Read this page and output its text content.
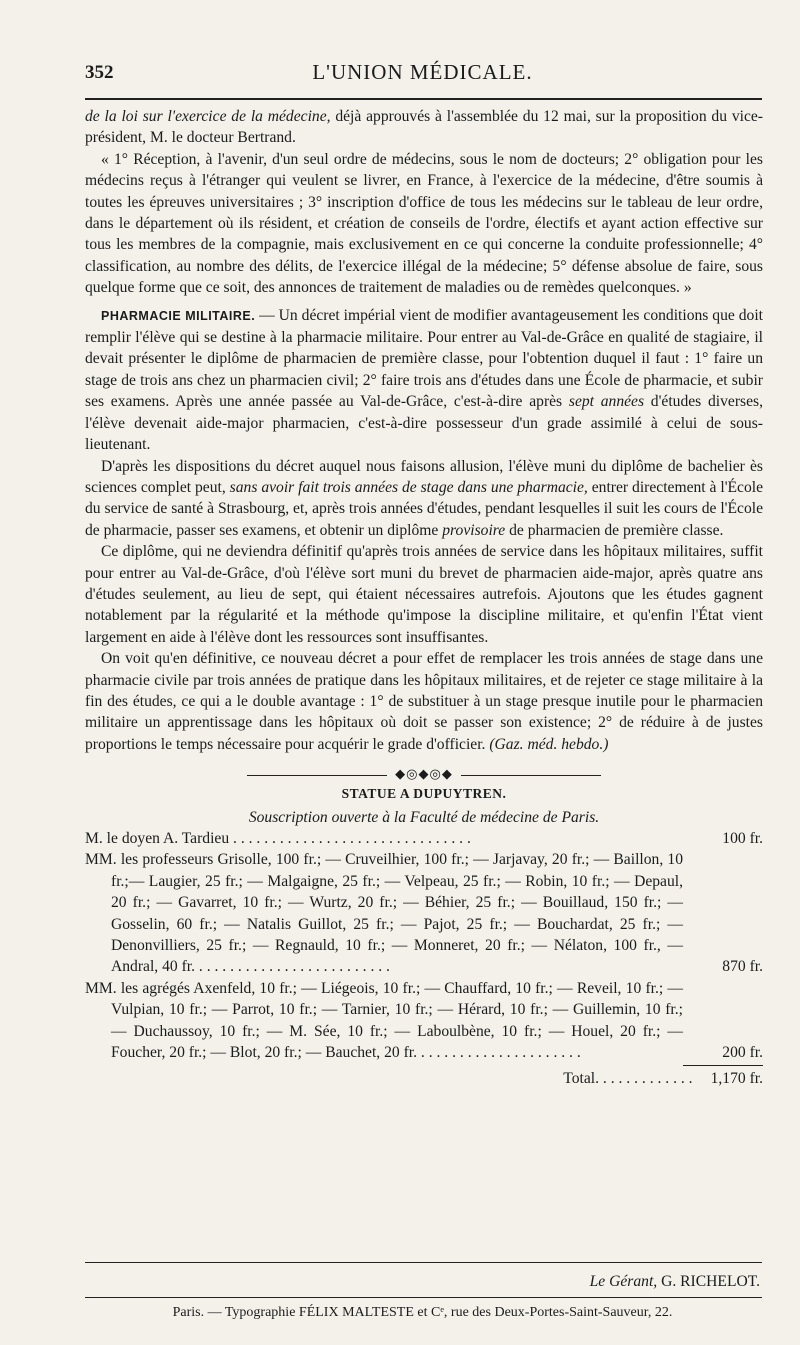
352	L'UNION MÉDICALE.

de la loi sur l'exercice de la médecine, déjà approuvés à l'assemblée du 12 mai, sur la proposition du vice-président, M. le docteur Bertrand.

« 1° Réception, à l'avenir, d'un seul ordre de médecins, sous le nom de docteurs; 2° obligation pour les médecins reçus à l'étranger qui veulent se livrer, en France, à l'exercice de la médecine, d'être soumis à toutes les épreuves universitaires ; 3° inscription d'office de tous les médecins sur le tableau de leur ordre, dans le département où ils résident, et création de conseils de l'ordre, électifs et ayant action effective sur tous les membres de la compagnie, mais exclusivement en ce qui concerne la conduite professionnelle; 4° classification, au nombre des délits, de l'exercice illégal de la médecine; 5° défense absolue de faire, sous quelque forme que ce soit, des annonces de traitement de maladies ou de remèdes quelconques. »

PHARMACIE MILITAIRE. — Un décret impérial vient de modifier avantageusement les conditions que doit remplir l'élève qui se destine à la pharmacie militaire. Pour entrer au Val-de-Grâce en qualité de stagiaire, il devait présenter le diplôme de pharmacien de première classe, pour l'obtention duquel il faut : 1° faire un stage de trois ans chez un pharmacien civil; 2° faire trois ans d'études dans une École de pharmacie, et subir ses examens. Après une année passée au Val-de-Grâce, c'est-à-dire après sept années d'études diverses, l'élève devenait aide-major pharmacien, c'est-à-dire possesseur d'un grade assimilé à celui de sous-lieutenant.

D'après les dispositions du décret auquel nous faisons allusion, l'élève muni du diplôme de bachelier ès sciences complet peut, sans avoir fait trois années de stage dans une pharmacie, entrer directement à l'École du service de santé à Strasbourg, et, après trois années d'études, pendant lesquelles il suit les cours de l'École de pharmacie, passer ses examens, et obtenir un diplôme provisoire de pharmacien de première classe.

Ce diplôme, qui ne deviendra définitif qu'après trois années de service dans les hôpitaux militaires, suffit pour entrer au Val-de-Grâce, d'où l'élève sort muni du brevet de pharmacien aide-major, après quatre ans d'études seulement, au lieu de sept, qui étaient nécessaires autrefois. Ajoutons que les études gagnent notablement par la régularité et la méthode qu'impose la discipline militaire, et qu'enfin l'État vient largement en aide à l'élève dont les ressources sont insuffisantes.

On voit qu'en définitive, ce nouveau décret a pour effet de remplacer les trois années de stage dans une pharmacie civile par trois années de pratique dans les hôpitaux militaires, et de rejeter ce stage militaire à la fin des études, ce qui a le double avantage : 1° de substituer à un stage presque inutile pour le pharmacien militaire un apprentissage dans les hôpitaux où doit se passer son existence; 2° de réduire à de justes proportions le temps nécessaire pour acquérir le grade d'officier. (Gaz. méd. hebdo.)

◆◎◆◎◆
STATUE A DUPUYTREN.
Souscription ouverte à la Faculté de médecine de Paris.
M. le doyen A. Tardieu . . . . . . . . . . . . . . . . . . . . . . . . . . . . . . .	100 fr.
MM. les professeurs Grisolle, 100 fr.; — Cruveilhier, 100 fr.; — Jarjavay, 20 fr.; — Baillon, 10 fr.;— Laugier, 25 fr.; — Malgaigne, 25 fr.; — Velpeau, 25 fr.; — Robin, 10 fr.; — Depaul, 20 fr.; — Gavarret, 10 fr.; — Wurtz, 20 fr.; — Béhier, 25 fr.; — Bouillaud, 150 fr.; — Gosselin, 60 fr.; — Natalis Guillot, 25 fr.; — Pajot, 25 fr.; — Bouchardat, 25 fr.; — Denonvilliers, 25 fr.; — Regnauld, 10 fr.; — Monneret, 20 fr.; — Nélaton, 100 fr., — Andral, 40 fr. . . . . . . . . . . . . . . . . . . . . . . . . .	870 fr.
MM. les agrégés Axenfeld, 10 fr.; — Liégeois, 10 fr.; — Chauffard, 10 fr.; — Reveil, 10 fr.; — Vulpian, 10 fr.; — Parrot, 10 fr.; — Tarnier, 10 fr.; — Hérard, 10 fr.; — Guillemin, 10 fr.; — Duchaussoy, 10 fr.; — M. Sée, 10 fr.; — Laboulbène, 10 fr.; — Houel, 20 fr.; — Foucher, 20 fr.; — Blot, 20 fr.; — Bauchet, 20 fr. . . . . . . . . . . . . . . . . . . . . .	200 fr.
Total. . . . . . . . . . . . . 1,170 fr.
Le Gérant, G. RICHELOT.
Paris. — Typographie FÉLIX MALTESTE et Cᵉ, rue des Deux-Portes-Saint-Sauveur, 22.
